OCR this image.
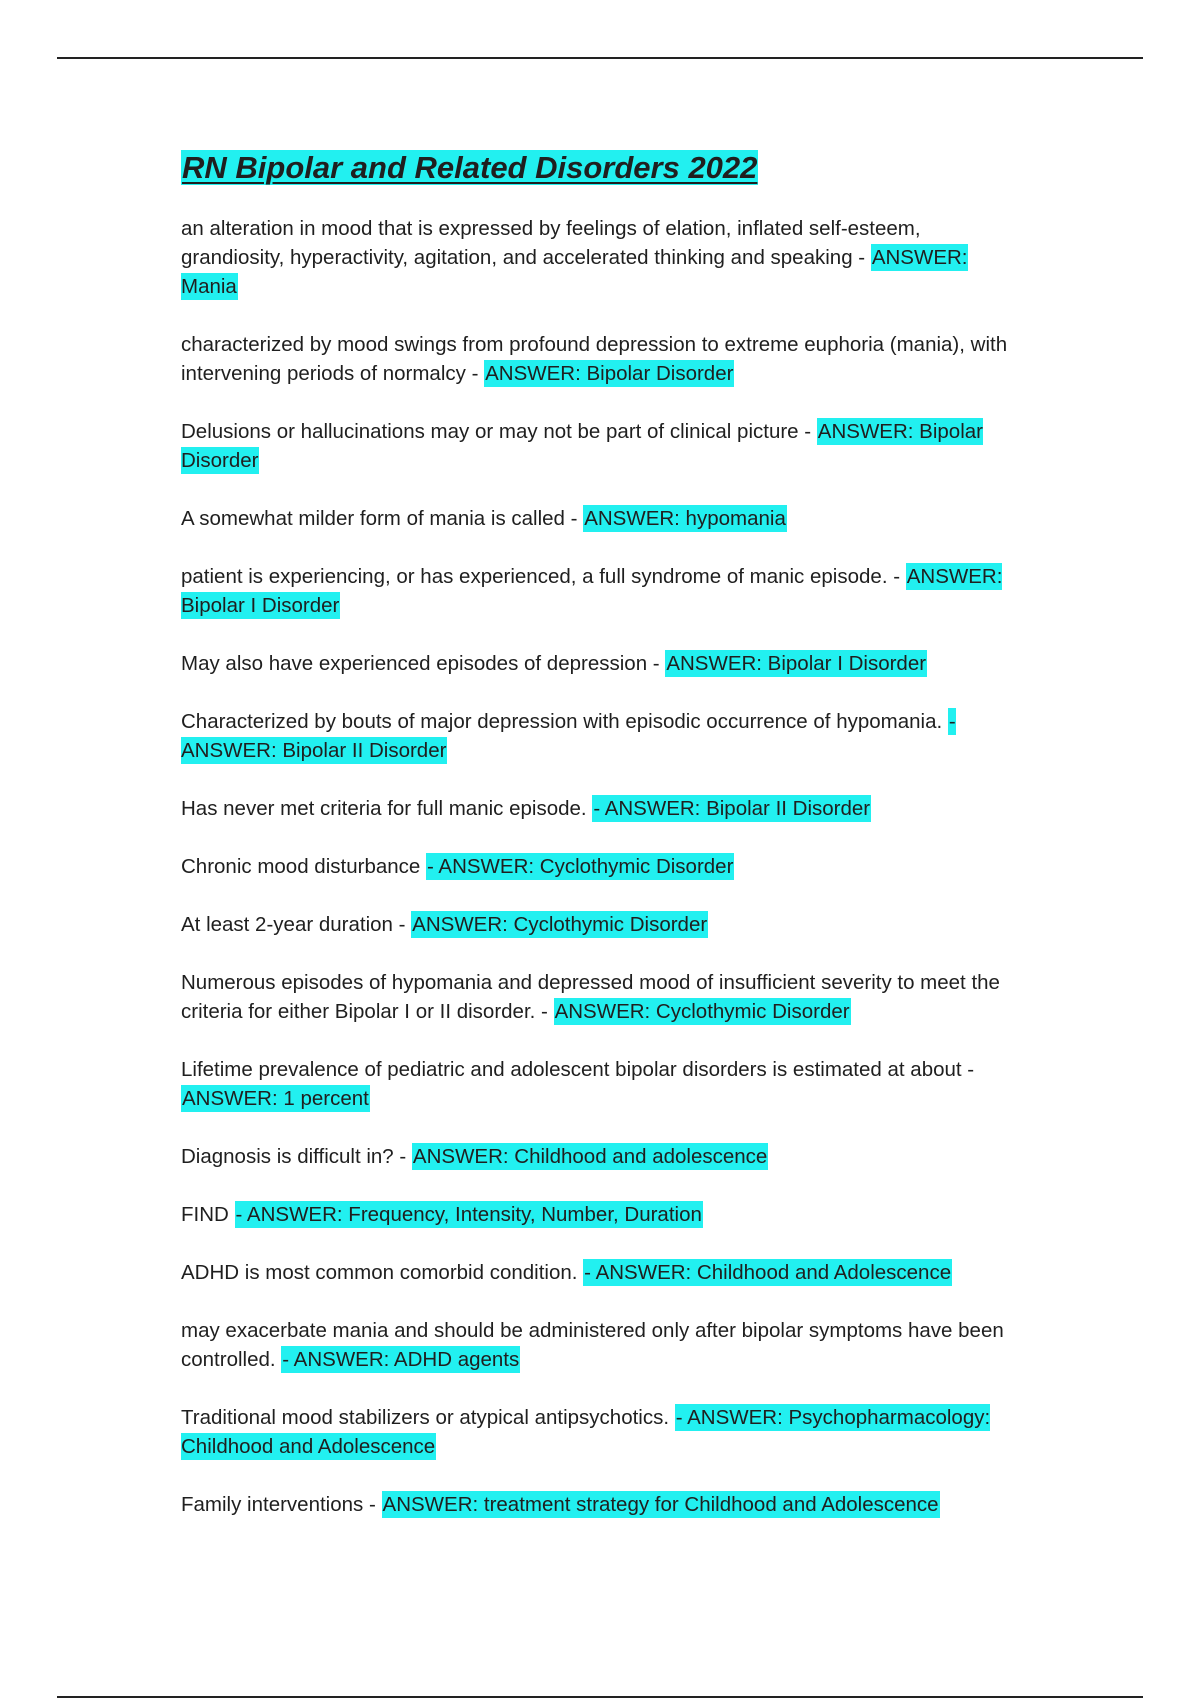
RN Bipolar and Related Disorders 2022

an alteration in mood that is expressed by feelings of elation, inflated self-esteem, grandiosity, hyperactivity, agitation, and accelerated thinking and speaking - ANSWER: Mania

characterized by mood swings from profound depression to extreme euphoria (mania), with intervening periods of normalcy - ANSWER: Bipolar Disorder

Delusions or hallucinations may or may not be part of clinical picture - ANSWER: Bipolar Disorder

A somewhat milder form of mania is called - ANSWER: hypomania

patient is experiencing, or has experienced, a full syndrome of manic episode. - ANSWER: Bipolar I Disorder

May also have experienced episodes of depression - ANSWER: Bipolar I Disorder

Characterized by bouts of major depression with episodic occurrence of hypomania. - ANSWER: Bipolar II Disorder

Has never met criteria for full manic episode. - ANSWER: Bipolar II Disorder

Chronic mood disturbance - ANSWER: Cyclothymic Disorder

At least 2-year duration - ANSWER: Cyclothymic Disorder

Numerous episodes of hypomania and depressed mood of insufficient severity to meet the criteria for either Bipolar I or II disorder. - ANSWER: Cyclothymic Disorder

Lifetime prevalence of pediatric and adolescent bipolar disorders is estimated at about - ANSWER: 1 percent

Diagnosis is difficult in? - ANSWER: Childhood and adolescence

FIND - ANSWER: Frequency, Intensity, Number, Duration

ADHD is most common comorbid condition. - ANSWER: Childhood and Adolescence

may exacerbate mania and should be administered only after bipolar symptoms have been controlled. - ANSWER: ADHD agents

Traditional mood stabilizers or atypical antipsychotics. - ANSWER: Psychopharmacology: Childhood and Adolescence

Family interventions - ANSWER: treatment strategy for Childhood and Adolescence
